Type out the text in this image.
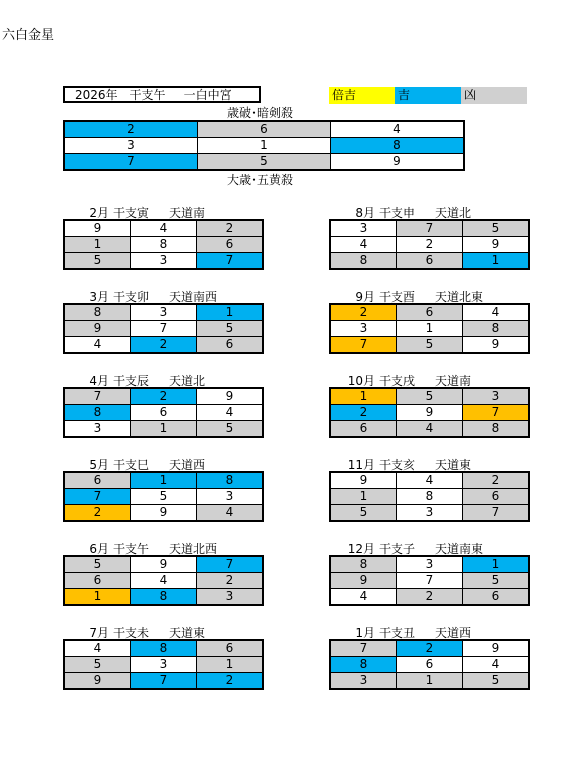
六白金星
2026年 干支午 一白中宮	倍吉	吉	凶
歳破･暗剣殺
2	6	4
3	1	8
7	5	9
大歳･五黄殺
2月 干支寅 天道南
9	4	2
1	8	6
5	3	7
8月 干支申 天道北
3	7	5
4	2	9
8	6	1
3月 干支卯 天道南西
8	3	1
9	7	5
4	2	6
9月 干支酉 天道北東
2	6	4
3	1	8
7	5	9
4月 干支辰 天道北
7	2	9
8	6	4
3	1	5
10月 干支戌 天道南
1	5	3
2	9	7
6	4	8
5月 干支巳 天道西
6	1	8
7	5	3
2	9	4
11月 干支亥 天道東
9	4	2
1	8	6
5	3	7
6月 干支午 天道北西
5	9	7
6	4	2
1	8	3
12月 干支子 天道南東
8	3	1
9	7	5
4	2	6
7月 干支未 天道東
4	8	6
5	3	1
9	7	2
1月 干支丑 天道西
7	2	9
8	6	4
3	1	5
